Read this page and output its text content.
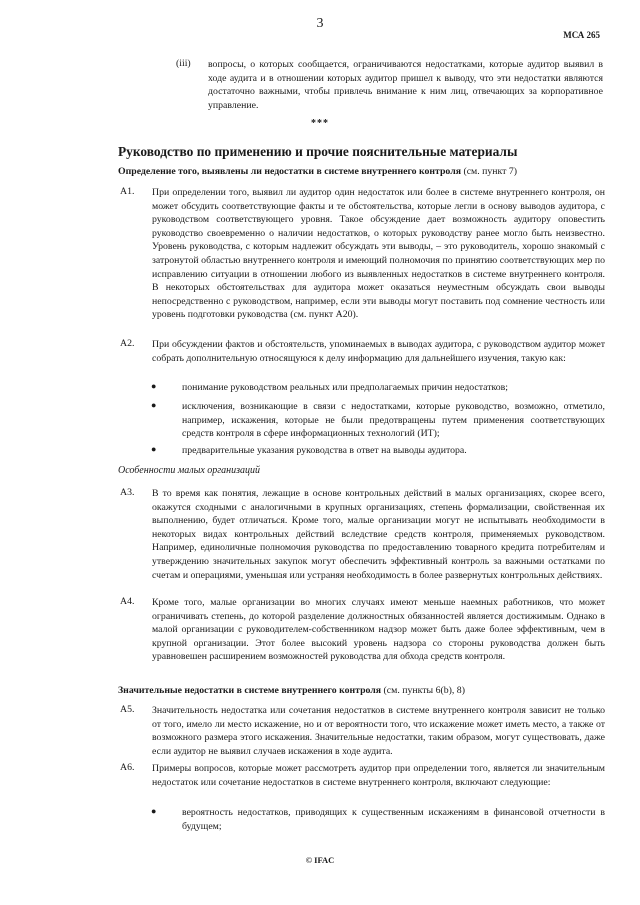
3
МСА 265
(iii) вопросы, о которых сообщается, ограничиваются недостатками, которые аудитор выявил в ходе аудита и в отношении которых аудитор пришел к выводу, что эти недостатки являются достаточно важными, чтобы привлечь внимание к ним лиц, отвечающих за корпоративное управление.
***
Руководство по применению и прочие пояснительные материалы
Определение того, выявлены ли недостатки в системе внутреннего контроля (см. пункт 7)
A1. При определении того, выявил ли аудитор один недостаток или более в системе внутреннего контроля, он может обсудить соответствующие факты и те обстоятельства, которые легли в основу выводов аудитора, с руководством соответствующего уровня. Такое обсуждение дает возможность аудитору оповестить руководство своевременно о наличии недостатков, о которых руководству ранее могло быть неизвестно. Уровень руководства, с которым надлежит обсуждать эти выводы, – это руководитель, хорошо знакомый с затронутой областью внутреннего контроля и имеющий полномочия по принятию соответствующих мер по исправлению ситуации в отношении любого из выявленных недостатков в системе внутреннего контроля. В некоторых обстоятельствах для аудитора может оказаться неуместным обсуждать свои выводы непосредственно с руководством, например, если эти выводы могут поставить под сомнение честность или уровень подготовки руководства (см. пункт A20).
A2. При обсуждении фактов и обстоятельств, упоминаемых в выводах аудитора, с руководством аудитор может собрать дополнительную относящуюся к делу информацию для дальнейшего изучения, такую как:
●	понимание руководством реальных или предполагаемых причин недостатков;
●	исключения, возникающие в связи с недостатками, которые руководство, возможно, отметило, например, искажения, которые не были предотвращены путем применения соответствующих средств контроля в сфере информационных технологий (ИТ);
●	предварительные указания руководства в ответ на выводы аудитора.
Особенности малых организаций
A3. В то время как понятия, лежащие в основе контрольных действий в малых организациях, скорее всего, окажутся сходными с аналогичными в крупных организациях, степень формализации, свойственная их выполнению, будет отличаться. Кроме того, малые организации могут не испытывать необходимости в некоторых видах контрольных действий вследствие средств контроля, применяемых руководством. Например, единоличные полномочия руководства по предоставлению товарного кредита потребителям и утверждению значительных закупок могут обеспечить эффективный контроль за важными остатками по счетам и операциями, уменьшая или устраняя необходимость в более развернутых контрольных действиях.
A4. Кроме того, малые организации во многих случаях имеют меньше наемных работников, что может ограничивать степень, до которой разделение должностных обязанностей является достижимым. Однако в малой организации с руководителем-собственником надзор может быть даже более эффективным, чем в крупной организации. Этот более высокий уровень надзора со стороны руководства должен быть уравновешен расширением возможностей руководства для обхода средств контроля.
Значительные недостатки в системе внутреннего контроля (см. пункты 6(b), 8)
A5. Значительность недостатка или сочетания недостатков в системе внутреннего контроля зависит не только от того, имело ли место искажение, но и от вероятности того, что искажение может иметь место, а также от возможного размера этого искажения. Значительные недостатки, таким образом, могут существовать, даже если аудитор не выявил случаев искажения в ходе аудита.
A6. Примеры вопросов, которые может рассмотреть аудитор при определении того, является ли значительным недостаток или сочетание недостатков в системе внутреннего контроля, включают следующие:
●	вероятность недостатков, приводящих к существенным искажениям в финансовой отчетности в будущем;
© IFAC
